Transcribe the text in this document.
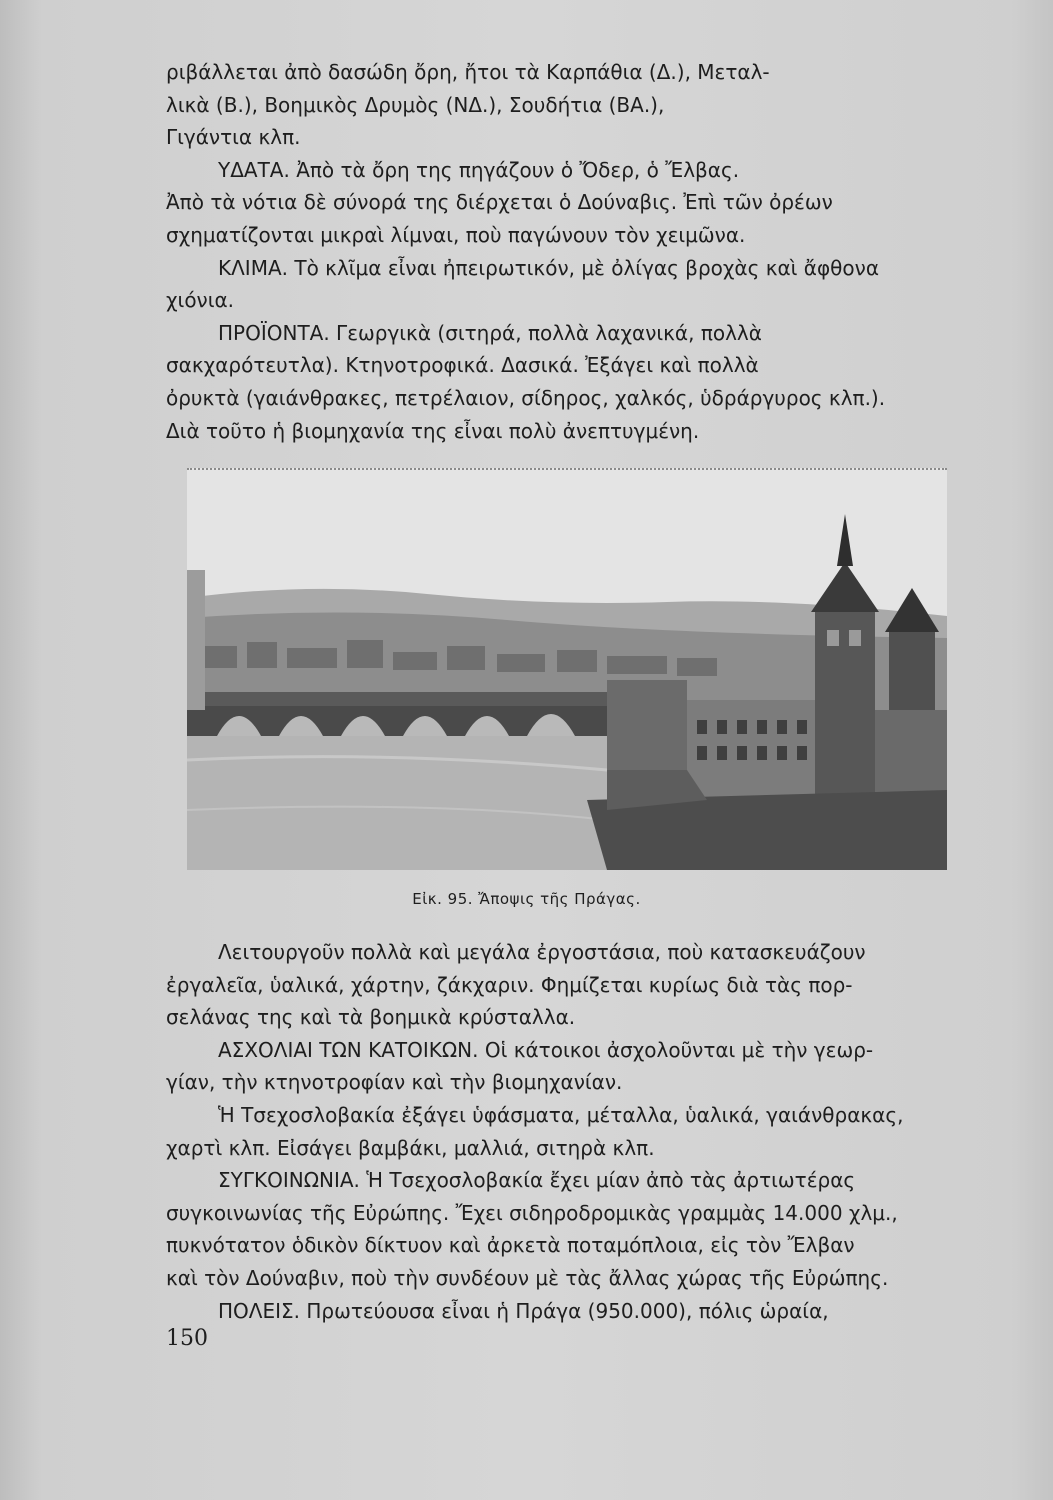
ριβάλλεται ἀπὸ δασώδη ὄρη, ἤτοι τὰ Καρπάθια (Δ.), Μεταλ-
λικὰ (Β.), Βοημικὸς Δρυμὸς (ΝΔ.), Σουδήτια (ΒΑ.),
Γιγάντια κλπ.
ΥΔΑΤΑ. Ἀπὸ τὰ ὄρη της πηγάζουν ὁ Ὄδερ, ὁ Ἔλβας.
Ἀπὸ τὰ νότια δὲ σύνορά της διέρχεται ὁ Δούναβις. Ἐπὶ τῶν ὀρέων
σχηματίζονται μικραὶ λίμναι, ποὺ παγώνουν τὸν χειμῶνα.
ΚΛΙΜΑ. Τὸ κλῖμα εἶναι ἠπειρωτικόν, μὲ ὀλίγας βροχὰς καὶ ἄφθονα
χιόνια.
ΠΡΟΪΟΝΤΑ. Γεωργικὰ (σιτηρά, πολλὰ λαχανικά, πολλὰ
σακχαρότευτλα). Κτηνοτροφικά. Δασικά. Ἐξάγει καὶ πολλὰ
ὀρυκτὰ (γαιάνθρακες, πετρέλαιον, σίδηρος, χαλκός, ὑδράργυρος κλπ.).
Διὰ τοῦτο ἡ βιομηχανία της εἶναι πολὺ ἀνεπτυγμένη.
Εἰκ. 95. Ἄποψις τῆς Πράγας.
Λειτουργοῦν πολλὰ καὶ μεγάλα ἐργοστάσια, ποὺ κατασκευάζουν
ἐργαλεῖα, ὑαλικά, χάρτην, ζάκχαριν. Φημίζεται κυρίως διὰ τὰς πορ-
σελάνας της καὶ τὰ βοημικὰ κρύσταλλα.
ΑΣΧΟΛΙΑΙ ΤΩΝ ΚΑΤΟΙΚΩΝ. Οἱ κάτοικοι ἀσχολοῦνται μὲ τὴν γεωρ-
γίαν, τὴν κτηνοτροφίαν καὶ τὴν βιομηχανίαν.
Ἡ Τσεχοσλοβακία ἐξάγει ὑφάσματα, μέταλλα, ὑαλικά, γαιάνθρακας,
χαρτὶ κλπ. Εἰσάγει βαμβάκι, μαλλιά, σιτηρὰ κλπ.
ΣΥΓΚΟΙΝΩΝΙΑ. Ἡ Τσεχοσλοβακία ἔχει μίαν ἀπὸ τὰς ἀρτιωτέρας
συγκοινωνίας τῆς Εὐρώπης. Ἔχει σιδηροδρομικὰς γραμμὰς 14.000 χλμ.,
πυκνότατον ὁδικὸν δίκτυον καὶ ἀρκετὰ ποταμόπλοια, εἰς τὸν Ἔλβαν
καὶ τὸν Δούναβιν, ποὺ τὴν συνδέουν μὲ τὰς ἄλλας χώρας τῆς Εὐρώπης.
ΠΟΛΕΙΣ. Πρωτεύουσα εἶναι ἡ Πράγα (950.000), πόλις ὡραία,
150
